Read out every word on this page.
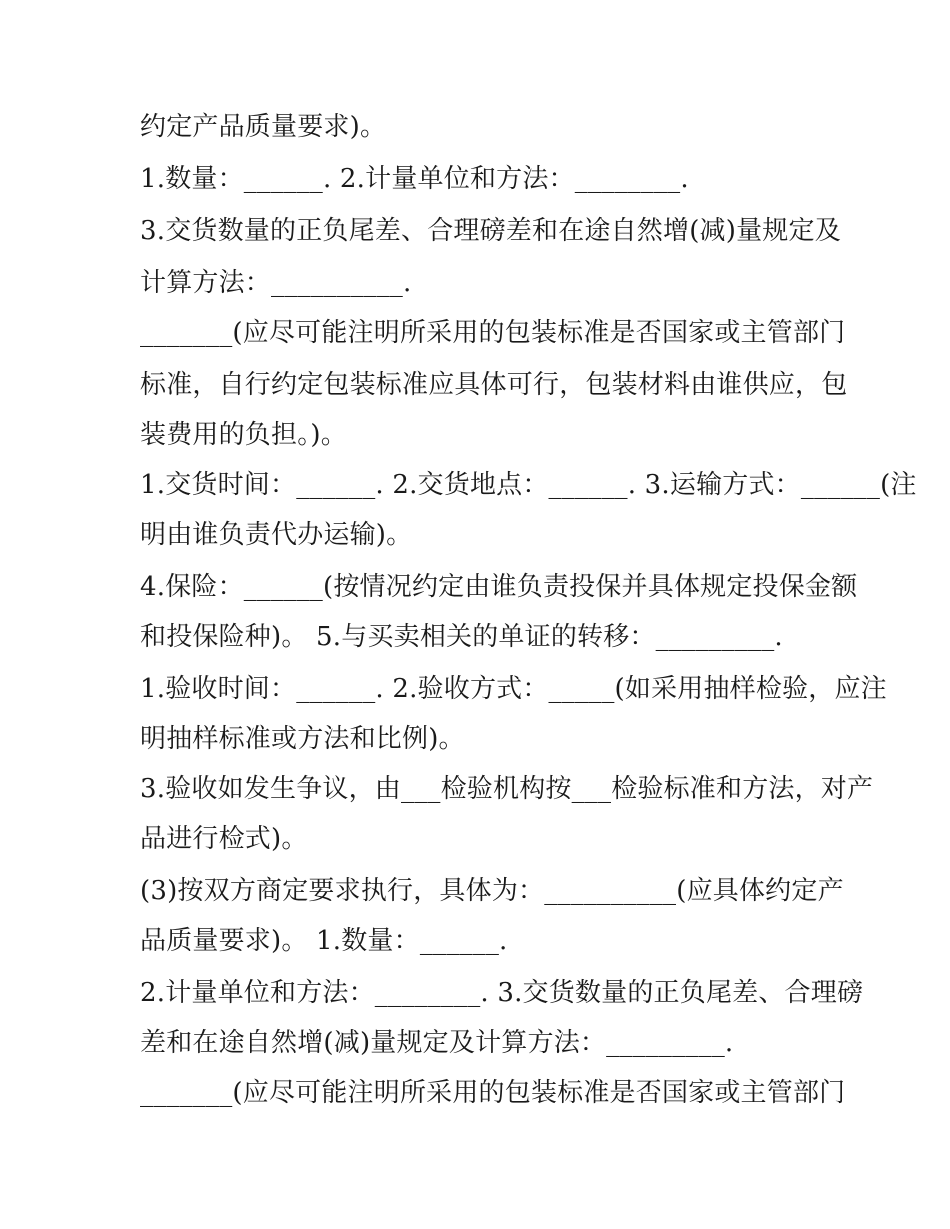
约定产品质量要求)。
1.数量：______. 2.计量单位和方法：________.
3.交货数量的正负尾差、合理磅差和在途自然增(减)量规定及
计算方法：__________.
_______(应尽可能注明所采用的包装标准是否国家或主管部门
标准，自行约定包装标准应具体可行，包装材料由谁供应，包
装费用的负担。)。
1.交货时间：______. 2.交货地点：______. 3.运输方式：______(注
明由谁负责代办运输)。
4.保险：______(按情况约定由谁负责投保并具体规定投保金额
和投保险种)。 5.与买卖相关的单证的转移：_________.
1.验收时间：______. 2.验收方式：_____(如采用抽样检验，应注
明抽样标准或方法和比例)。
3.验收如发生争议，由___检验机构按___检验标准和方法，对产
品进行检式)。
(3)按双方商定要求执行，具体为：__________(应具体约定产
品质量要求)。 1.数量：______.
2.计量单位和方法：________. 3.交货数量的正负尾差、合理磅
差和在途自然增(减)量规定及计算方法：_________.
_______(应尽可能注明所采用的包装标准是否国家或主管部门
